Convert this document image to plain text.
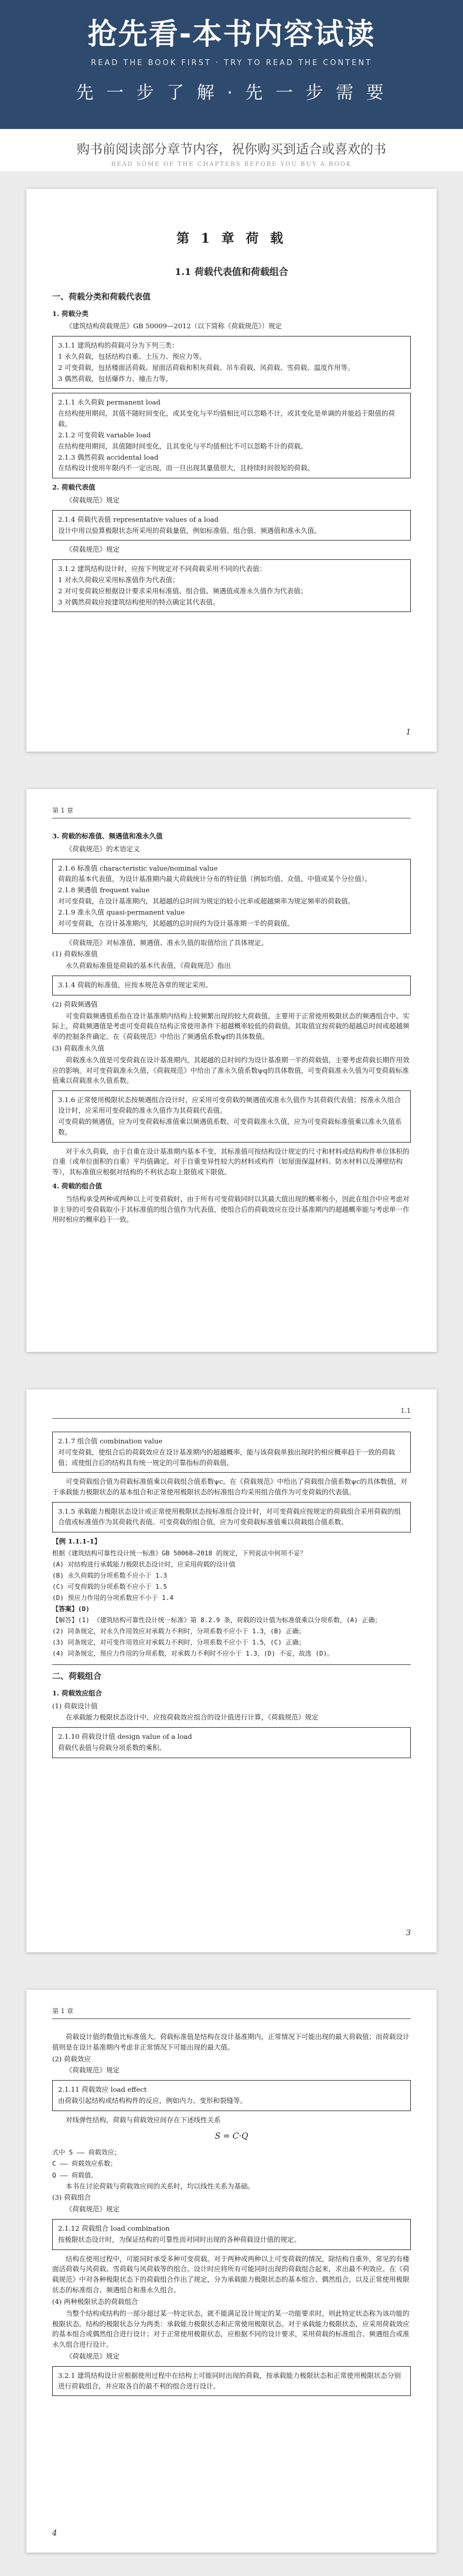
抢先看-本书内容试读
READ THE BOOK FIRST · TRY TO READ THE CONTENT
先 一 步 了 解 · 先 一 步 需 要
购书前阅读部分章节内容，祝你购买到适合或喜欢的书
READ SOME OF THE CHAPTERS BEFORE YOU BUY A BOOK
第 1 章 荷 载
1.1 荷载代表值和荷载组合
一、荷载分类和荷载代表值
1. 荷载分类

《建筑结构荷载规范》GB 50009—2012（以下简称《荷载规范》）规定

3.1.1 建筑结构的荷载可分为下列三类：

1 永久荷载，包括结构自重、土压力、预应力等。

2 可变荷载，包括楼面活荷载、屋面活荷载和积灰荷载、吊车荷载、风荷载、雪荷载、温度作用等。

3 偶然荷载，包括爆炸力、撞击力等。

2.1.1 永久荷载 permanent load

在结构使用期间，其值不随时间变化，或其变化与平均值相比可以忽略不计，或其变化是单调的并能趋于限值的荷载。

2.1.2 可变荷载 variable load

在结构使用期间，其值随时间变化，且其变化与平均值相比不可以忽略不计的荷载。

2.1.3 偶然荷载 accidental load

在结构设计使用年限内不一定出现，而一旦出现其量值很大，且持续时间很短的荷载。

2. 荷载代表值

《荷载规范》规定

2.1.4 荷载代表值 representative values of a load

设计中用以验算极限状态所采用的荷载量值，例如标准值、组合值、频遇值和准永久值。

《荷载规范》规定

3.1.2 建筑结构设计时，应按下列规定对不同荷载采用不同的代表值：

1 对永久荷载应采用标准值作为代表值；

2 对可变荷载应根据设计要求采用标准值、组合值、频遇值或准永久值作为代表值；

3 对偶然荷载应按建筑结构使用的特点确定其代表值。

1
第 1 章
3. 荷载的标准值、频遇值和准永久值

《荷载规范》的术语定义

2.1.6 标准值 characteristic value/nominal value

荷载的基本代表值，为设计基准期内最大荷载统计分布的特征值（例如均值、众值、中值或某个分位值）。

2.1.8 频遇值 frequent value

对可变荷载，在设计基准期内，其超越的总时间为规定的较小比率或超越频率为规定频率的荷载值。

2.1.9 准永久值 quasi-permanent value

对可变荷载，在设计基准期内，其超越的总时间约为设计基准期一半的荷载值。

《荷载规范》对标准值、频遇值、准永久值的取值给出了具体规定。

(1) 荷载标准值

永久荷载标准值是荷载的基本代表值，《荷载规范》指出

3.1.4 荷载的标准值，应按本规范各章的规定采用。

(2) 荷载频遇值

可变荷载频遇值系指在设计基准期内结构上较频繁出现的较大荷载值，主要用于正常使用极限状态的频遇组合中。实际上，荷载频遇值是考虑可变荷载在结构正常使用条件下超越概率较低的荷载值，其取值宜按荷载的超越总时间或超越频率的控制条件确定。在《荷载规范》中给出了频遇值系数ψf的具体数值。

(3) 荷载准永久值

荷载准永久值是可变荷载在设计基准期内，其超越的总时间约为设计基准期一半的荷载值，主要考虑荷载长期作用效应的影响。对可变荷载准永久值，《荷载规范》中给出了准永久值系数ψq的具体数值，可变荷载准永久值为可变荷载标准值乘以荷载准永久值系数。

3.1.6 正常使用极限状态按频遇组合设计时，应采用可变荷载的频遇值或准永久值作为其荷载代表值；按准永久组合设计时，应采用可变荷载的准永久值作为其荷载代表值。

可变荷载的频遇值，应为可变荷载标准值乘以频遇值系数。可变荷载准永久值，应为可变荷载标准值乘以准永久值系数。

对于永久荷载，由于自重在设计基准期内基本不变，其标准值可按结构设计规定的尺寸和材料或结构构件单位体积的自重（或单位面积的自重）平均值确定。对于自重变异性较大的材料或构件（如屋面保温材料、防水材料以及薄壁结构等），其标准值应根据对结构的不利状态取上限值或下限值。

4. 荷载的组合值

当结构承受两种或两种以上可变荷载时，由于所有可变荷载同时以其最大值出现的概率极小，因此在组合中应考虑对非主导的可变荷载取小于其标准值的组合值作为代表值，使组合后的荷载效应在设计基准期内的超越概率能与考虑单一作用时相应的概率趋于一致。

1.1

2.1.7 组合值 combination value

对可变荷载，使组合后的荷载效应在设计基准期内的超越概率，能与该荷载单独出现时的相应概率趋于一致的荷载值；或使组合后的结构具有统一规定的可靠指标的荷载值。

可变荷载组合值为荷载标准值乘以荷载组合值系数ψc。在《荷载规范》中给出了荷载组合值系数ψc的具体数值，对于承载能力极限状态的基本组合和正常使用极限状态的标准组合均采用组合值作为可变荷载的代表值。

3.1.5 承载能力极限状态设计或正常使用极限状态按标准组合设计时，对可变荷载应按规定的荷载组合采用荷载的组合值或标准值作为其荷载代表值。可变荷载的组合值，应为可变荷载标准值乘以荷载组合值系数。

【例 1.1.1-1】

根据《建筑结构可靠性设计统一标准》GB 50068—2018 的规定，下列说法中何项不妥？

(A) 对结构进行承载能力极限状态设计时，应采用荷载的设计值

(B) 永久荷载的分项系数不应小于 1.3

(C) 可变荷载的分项系数不应小于 1.5

(D) 预应力作用的分项系数应不小于 1.4

【答案】(D)

【解答】(1) 《建筑结构可靠性设计统一标准》第 8.2.9 条，荷载的设计值为标准值乘以分项系数，(A) 正确；

(2) 同条规定，对永久作用效应对承载力不利时，分项系数不应小于 1.3，(B) 正确；

(3) 同条规定，对可变作用效应对承载力不利时，分项系数不应小于 1.5，(C) 正确；

(4) 同条规定，预应力作用的分项系数，对承载力不利时不应小于 1.3，(D) 不妥，故选 (D)。

二、荷载组合
1. 荷载效应组合

(1) 荷载设计值

在承载能力极限状态设计中，应按荷载效应组合的设计值进行计算，《荷载规范》规定

2.1.10 荷载设计值 design value of a load

荷载代表值与荷载分项系数的乘积。

3
第 1 章

荷载设计值的数值比标准值大。荷载标准值是结构在设计基准期内，正常情况下可能出现的最大荷载值；而荷载设计值则是在设计基准期内考虑非正常情况下可能出现的最大值。

(2) 荷载效应

《荷载规范》规定

2.1.11 荷载效应 load effect

由荷载引起结构或结构构件的反应，例如内力、变形和裂缝等。

对线弹性结构，荷载与荷载效应间存在下述线性关系

S = C·Q

式中 S —— 荷载效应；

C —— 荷载效应系数；

Q —— 荷载值。

本书在讨论荷载与荷载效应间的关系时，均以线性关系为基础。

(3) 荷载组合

《荷载规范》规定

2.1.12 荷载组合 load combination

按极限状态设计时，为保证结构的可靠性而对同时出现的各种荷载设计值的规定。

结构在使用过程中，可能同时承受多种可变荷载。对于两种或两种以上可变荷载的情况，除结构自重外，常见的有楼面活荷载与风荷载、雪荷载与风荷载等的组合。设计时应将所有可能同时出现的荷载组合起来，求出最不利效应。在《荷载规范》中对各种极限状态下的荷载组合作出了规定，分为承载能力极限状态的基本组合、偶然组合，以及正常使用极限状态的标准组合、频遇组合和准永久组合。

(4) 两种极限状态的荷载组合

当整个结构或结构的一部分超过某一特定状态，就不能满足设计规定的某一功能要求时，则此特定状态称为该功能的极限状态。结构的极限状态分为两类：承载能力极限状态和正常使用极限状态。对于承载能力极限状态，应采用荷载效应的基本组合或偶然组合进行设计；对于正常使用极限状态，应根据不同的设计要求，采用荷载的标准组合、频遇组合或准永久组合进行设计。

《荷载规范》规定

3.2.1 建筑结构设计应根据使用过程中在结构上可能同时出现的荷载，按承载能力极限状态和正常使用极限状态分别进行荷载组合，并应取各自的最不利的组合进行设计。

4
